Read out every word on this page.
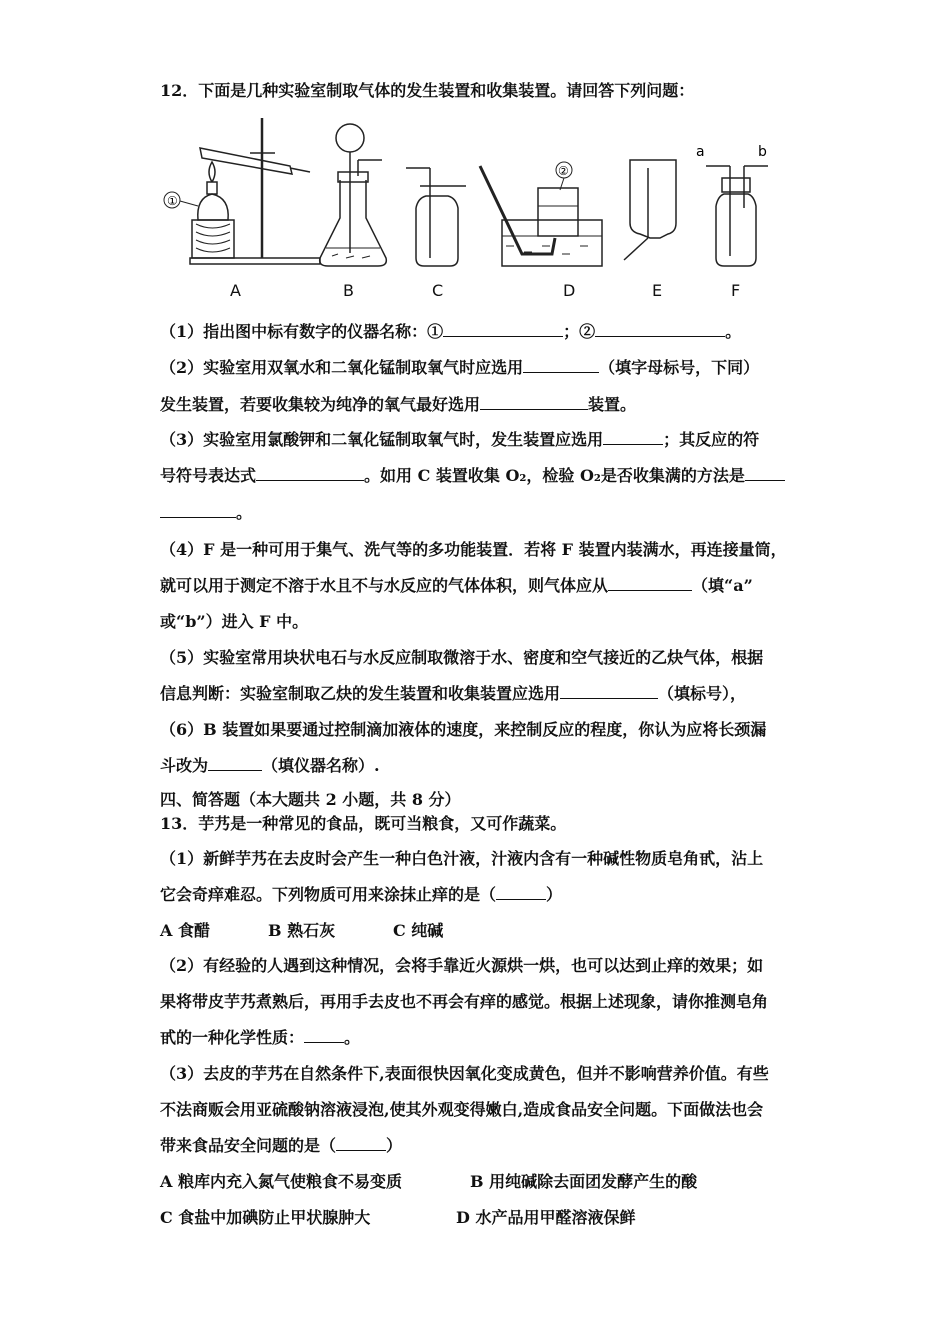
12．下面是几种实验室制取气体的发生装置和收集装置。请回答下列问题：
①
②
a	b
A	B	C	D	E	F
（1）指出图中标有数字的仪器名称：①	；②	。
（2）实验室用双氧水和二氧化锰制取氧气时应选用	（填字母标号，下同）
发生装置，若要收集较为纯净的氧气最好选用	装置。
（3）实验室用氯酸钾和二氧化锰制取氧气时，发生装置应选用	；其反应的符
号符号表达式	。如用 C 装置收集 O₂，检验 O₂是否收集满的方法是
。
（4）F 是一种可用于集气、洗气等的多功能装置．若将 F 装置内装满水，再连接量筒，
就可以用于测定不溶于水且不与水反应的气体体积，则气体应从	（填“a”
或“b”）进入 F 中。
（5）实验室常用块状电石与水反应制取微溶于水、密度和空气接近的乙炔气体，根据
信息判断：实验室制取乙炔的发生装置和收集装置应选用	（填标号），
（6）B 装置如果要通过控制滴加液体的速度，来控制反应的程度，你认为应将长颈漏
斗改为	（填仪器名称）.
四、简答题（本大题共 2 小题，共 8 分）
13．芋艿是一种常见的食品，既可当粮食，又可作蔬菜。
（1）新鲜芋艿在去皮时会产生一种白色汁液，汁液内含有一种碱性物质皂角甙，沾上
它会奇痒难忍。下列物质可用来涂抹止痒的是（	）
A 食醋	B 熟石灰	C 纯碱
（2）有经验的人遇到这种情况，会将手靠近火源烘一烘，也可以达到止痒的效果；如
果将带皮芋艿煮熟后，再用手去皮也不再会有痒的感觉。根据上述现象，请你推测皂角
甙的一种化学性质：	。
（3）去皮的芋艿在自然条件下,表面很快因氧化变成黄色，但并不影响营养价值。有些
不法商贩会用亚硫酸钠溶液浸泡,使其外观变得嫩白,造成食品安全问题。下面做法也会
带来食品安全问题的是（	）
A 粮库内充入氮气使粮食不易变质	B 用纯碱除去面团发酵产生的酸
C 食盐中加碘防止甲状腺肿大	D 水产品用甲醛溶液保鲜
